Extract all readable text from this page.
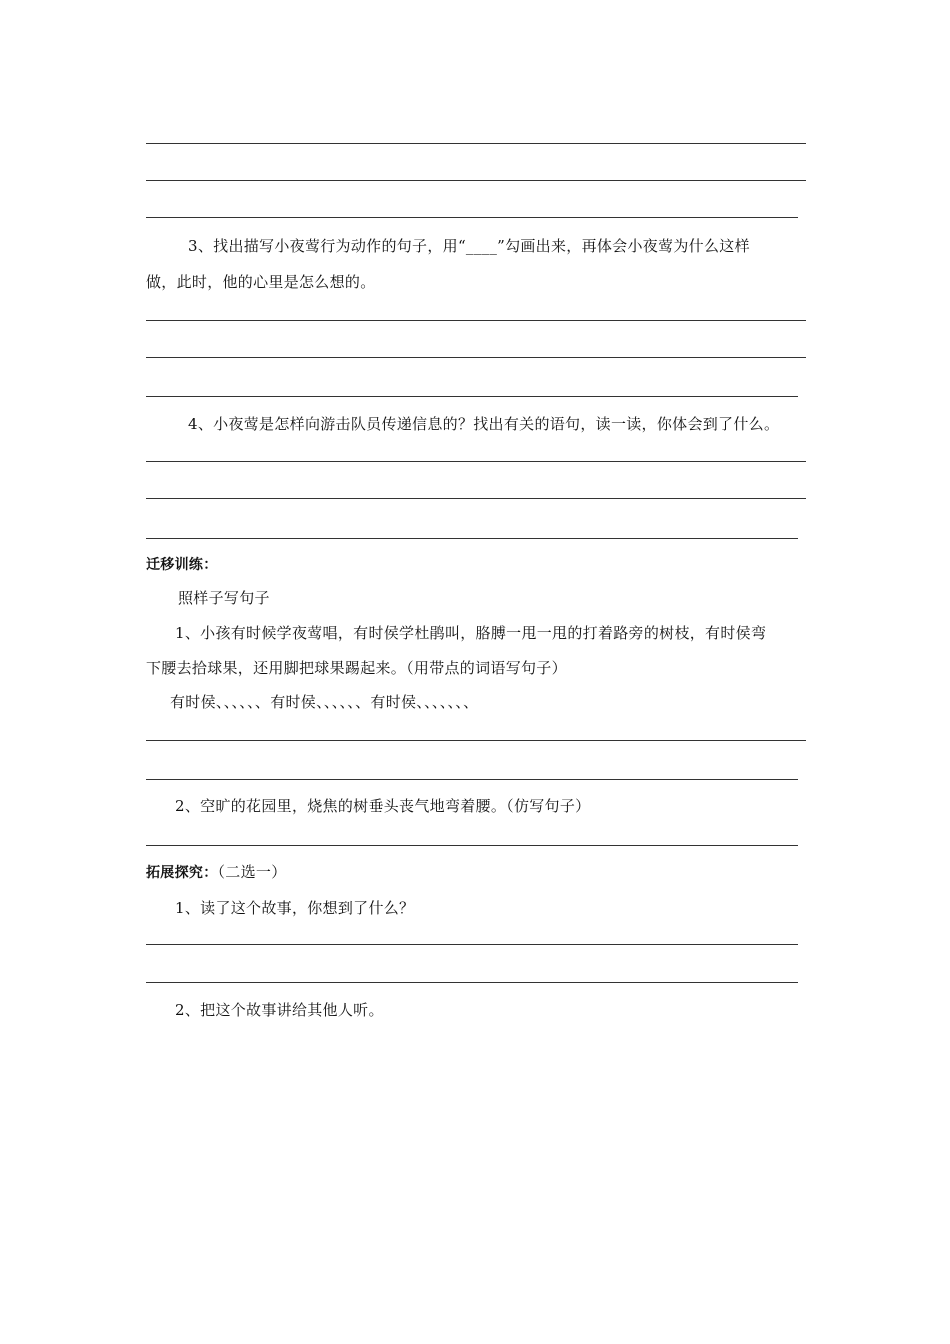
3、找出描写小夜莺行为动作的句子，用“____”勾画出来，再体会小夜莺为什么这样
做，此时，他的心里是怎么想的。
4、小夜莺是怎样向游击队员传递信息的？找出有关的语句，读一读，你体会到了什么。
迁移训练：
照样子写句子
1、小孩有时候学夜莺唱，有时侯学杜鹃叫，胳膊一甩一甩的打着路旁的树枝，有时侯弯
下腰去拾球果，还用脚把球果踢起来。（用带点的词语写句子）
有时侯、、、、、、有时侯、、、、、、有时侯、、、、、、、
2、空旷的花园里，烧焦的树垂头丧气地弯着腰。（仿写句子）
拓展探究：（二选一）
1、读了这个故事，你想到了什么？
2、把这个故事讲给其他人听。
